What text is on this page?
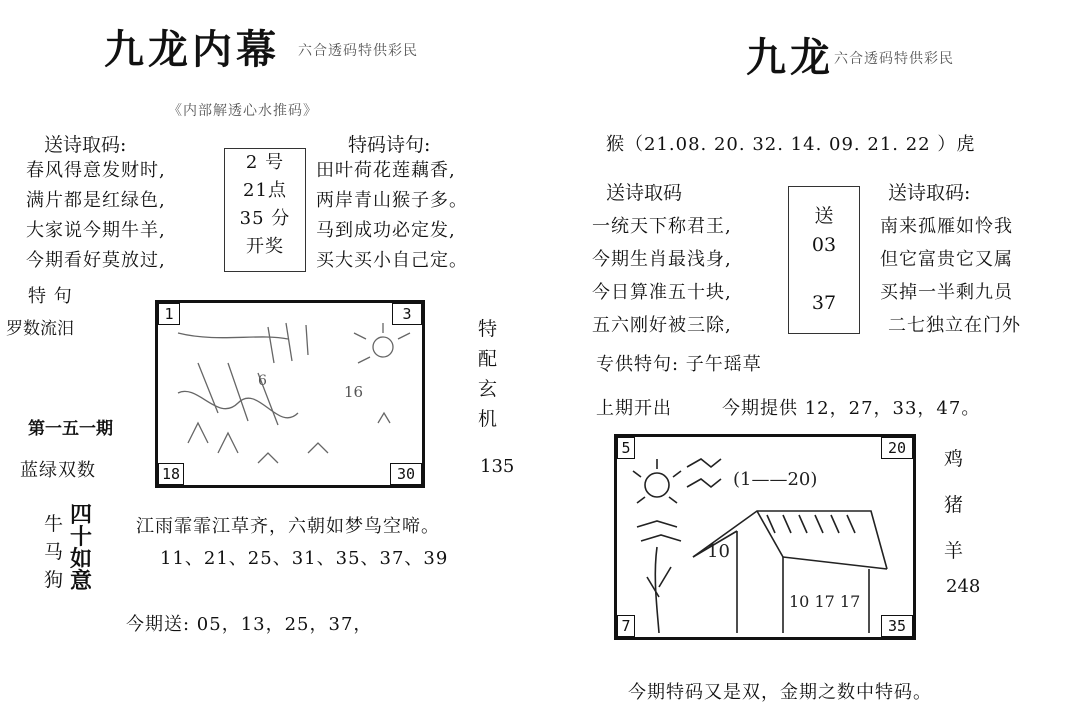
九龙内幕 六合透码特供彩民
《内部解透心水推码》
送诗取码:
春风得意发财时,
满片都是红绿色,
大家说今期牛羊,
今期看好莫放过,
2 号
21点
35 分
开奖
特码诗句:
田叶荷花莲藕香,
两岸青山猴子多。
马到成功必定发,
买大买小自己定。
特 句
罗数流汨
第一五一期
蓝绿双数
1	3
18	30
6
16
特
配
玄
机
135
牛
马
狗
四
十
如
意
江雨霏霏江草齐，六朝如梦鸟空啼。
11、21、25、31、35、37、39
今期送: 05，13，25，37，
九龙 六合透码特供彩民
猴（21.08. 20. 32. 14. 09. 21. 22 ）虎
送诗取码
一统天下称君王,
今期生肖最浅身,
今日算准五十块,
五六刚好被三除,
送
03
37
送诗取码:
南来孤雁如怜我
但它富贵它又属
买掉一半剩九员
二七独立在门外
专供特句: 子午瑶草
上期开出	今期提供 12，27，33，47。
5	20
7	35
(1——20)
10
10 17 17
鸡
猪
羊
248
今期特码又是双，金期之数中特码。
